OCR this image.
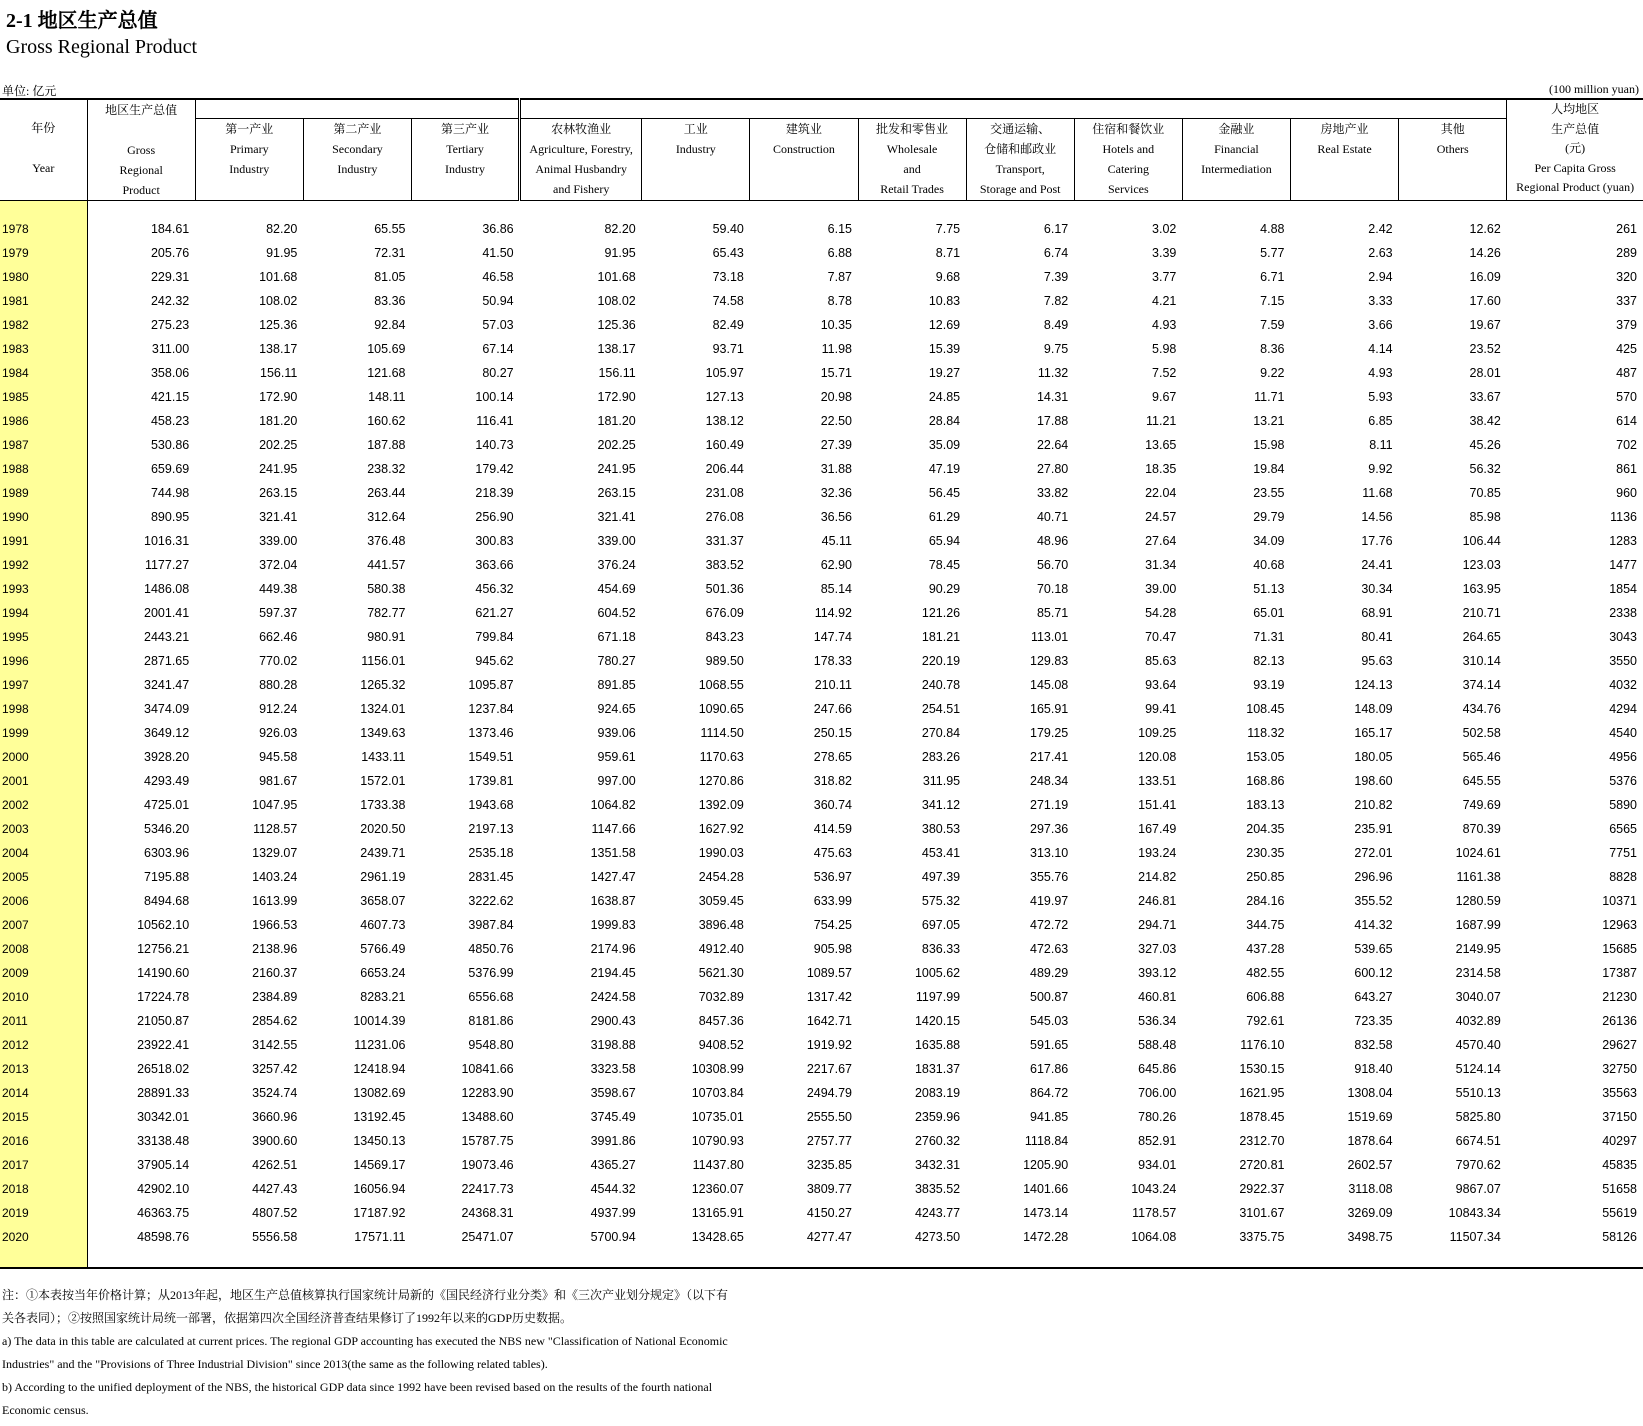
2-1 地区生产总值
Gross Regional Product
单位: 亿元	(100 million yuan)
年份

Year	地区生产总值

Gross
Regional
Product													人均地区
生产总值
(元)
Per Capita Gross
Regional Product (yuan)

		第一产业
Primary
Industry	第二产业
Secondary
Industry	第三产业
Tertiary
Industry	农林牧渔业
Agriculture, Forestry,
Animal Husbandry
and Fishery	工业
Industry	建筑业
Construction	批发和零售业
Wholesale
and
Retail Trades	交通运输、
仓储和邮政业
Transport,
Storage and Post	住宿和餐饮业
Hotels and
Catering
Services	金融业
Financial
Intermediation	房地产业
Real Estate	其他
Others	

1978	184.61	82.20	65.55	36.86	82.20	59.40	6.15	7.75	6.17	3.02	4.88	2.42	12.62	261
1979	205.76	91.95	72.31	41.50	91.95	65.43	6.88	8.71	6.74	3.39	5.77	2.63	14.26	289
1980	229.31	101.68	81.05	46.58	101.68	73.18	7.87	9.68	7.39	3.77	6.71	2.94	16.09	320
1981	242.32	108.02	83.36	50.94	108.02	74.58	8.78	10.83	7.82	4.21	7.15	3.33	17.60	337
1982	275.23	125.36	92.84	57.03	125.36	82.49	10.35	12.69	8.49	4.93	7.59	3.66	19.67	379
1983	311.00	138.17	105.69	67.14	138.17	93.71	11.98	15.39	9.75	5.98	8.36	4.14	23.52	425
1984	358.06	156.11	121.68	80.27	156.11	105.97	15.71	19.27	11.32	7.52	9.22	4.93	28.01	487
1985	421.15	172.90	148.11	100.14	172.90	127.13	20.98	24.85	14.31	9.67	11.71	5.93	33.67	570
1986	458.23	181.20	160.62	116.41	181.20	138.12	22.50	28.84	17.88	11.21	13.21	6.85	38.42	614
1987	530.86	202.25	187.88	140.73	202.25	160.49	27.39	35.09	22.64	13.65	15.98	8.11	45.26	702
1988	659.69	241.95	238.32	179.42	241.95	206.44	31.88	47.19	27.80	18.35	19.84	9.92	56.32	861
1989	744.98	263.15	263.44	218.39	263.15	231.08	32.36	56.45	33.82	22.04	23.55	11.68	70.85	960
1990	890.95	321.41	312.64	256.90	321.41	276.08	36.56	61.29	40.71	24.57	29.79	14.56	85.98	1136
1991	1016.31	339.00	376.48	300.83	339.00	331.37	45.11	65.94	48.96	27.64	34.09	17.76	106.44	1283
1992	1177.27	372.04	441.57	363.66	376.24	383.52	62.90	78.45	56.70	31.34	40.68	24.41	123.03	1477
1993	1486.08	449.38	580.38	456.32	454.69	501.36	85.14	90.29	70.18	39.00	51.13	30.34	163.95	1854
1994	2001.41	597.37	782.77	621.27	604.52	676.09	114.92	121.26	85.71	54.28	65.01	68.91	210.71	2338
1995	2443.21	662.46	980.91	799.84	671.18	843.23	147.74	181.21	113.01	70.47	71.31	80.41	264.65	3043
1996	2871.65	770.02	1156.01	945.62	780.27	989.50	178.33	220.19	129.83	85.63	82.13	95.63	310.14	3550
1997	3241.47	880.28	1265.32	1095.87	891.85	1068.55	210.11	240.78	145.08	93.64	93.19	124.13	374.14	4032
1998	3474.09	912.24	1324.01	1237.84	924.65	1090.65	247.66	254.51	165.91	99.41	108.45	148.09	434.76	4294
1999	3649.12	926.03	1349.63	1373.46	939.06	1114.50	250.15	270.84	179.25	109.25	118.32	165.17	502.58	4540
2000	3928.20	945.58	1433.11	1549.51	959.61	1170.63	278.65	283.26	217.41	120.08	153.05	180.05	565.46	4956
2001	4293.49	981.67	1572.01	1739.81	997.00	1270.86	318.82	311.95	248.34	133.51	168.86	198.60	645.55	5376
2002	4725.01	1047.95	1733.38	1943.68	1064.82	1392.09	360.74	341.12	271.19	151.41	183.13	210.82	749.69	5890
2003	5346.20	1128.57	2020.50	2197.13	1147.66	1627.92	414.59	380.53	297.36	167.49	204.35	235.91	870.39	6565
2004	6303.96	1329.07	2439.71	2535.18	1351.58	1990.03	475.63	453.41	313.10	193.24	230.35	272.01	1024.61	7751
2005	7195.88	1403.24	2961.19	2831.45	1427.47	2454.28	536.97	497.39	355.76	214.82	250.85	296.96	1161.38	8828
2006	8494.68	1613.99	3658.07	3222.62	1638.87	3059.45	633.99	575.32	419.97	246.81	284.16	355.52	1280.59	10371
2007	10562.10	1966.53	4607.73	3987.84	1999.83	3896.48	754.25	697.05	472.72	294.71	344.75	414.32	1687.99	12963
2008	12756.21	2138.96	5766.49	4850.76	2174.96	4912.40	905.98	836.33	472.63	327.03	437.28	539.65	2149.95	15685
2009	14190.60	2160.37	6653.24	5376.99	2194.45	5621.30	1089.57	1005.62	489.29	393.12	482.55	600.12	2314.58	17387
2010	17224.78	2384.89	8283.21	6556.68	2424.58	7032.89	1317.42	1197.99	500.87	460.81	606.88	643.27	3040.07	21230
2011	21050.87	2854.62	10014.39	8181.86	2900.43	8457.36	1642.71	1420.15	545.03	536.34	792.61	723.35	4032.89	26136
2012	23922.41	3142.55	11231.06	9548.80	3198.88	9408.52	1919.92	1635.88	591.65	588.48	1176.10	832.58	4570.40	29627
2013	26518.02	3257.42	12418.94	10841.66	3323.58	10308.99	2217.67	1831.37	617.86	645.86	1530.15	918.40	5124.14	32750
2014	28891.33	3524.74	13082.69	12283.90	3598.67	10703.84	2494.79	2083.19	864.72	706.00	1621.95	1308.04	5510.13	35563
2015	30342.01	3660.96	13192.45	13488.60	3745.49	10735.01	2555.50	2359.96	941.85	780.26	1878.45	1519.69	5825.80	37150
2016	33138.48	3900.60	13450.13	15787.75	3991.86	10790.93	2757.77	2760.32	1118.84	852.91	2312.70	1878.64	6674.51	40297
2017	37905.14	4262.51	14569.17	19073.46	4365.27	11437.80	3235.85	3432.31	1205.90	934.01	2720.81	2602.57	7970.62	45835
2018	42902.10	4427.43	16056.94	22417.73	4544.32	12360.07	3809.77	3835.52	1401.66	1043.24	2922.37	3118.08	9867.07	51658
2019	46363.75	4807.52	17187.92	24368.31	4937.99	13165.91	4150.27	4243.77	1473.14	1178.57	3101.67	3269.09	10843.34	55619
2020	48598.76	5556.58	17571.11	25471.07	5700.94	13428.65	4277.47	4273.50	1472.28	1064.08	3375.75	3498.75	11507.34	58126

注：①本表按当年价格计算；从2013年起，地区生产总值核算执行国家统计局新的《国民经济行业分类》和《三次产业划分规定》（以下有
关各表同）；②按照国家统计局统一部署，依据第四次全国经济普查结果修订了1992年以来的GDP历史数据。
a) The data in this table are calculated at current prices. The regional GDP accounting has executed the NBS new "Classification of National Economic
Industries" and the "Provisions of Three Industrial Division" since 2013(the same as the following related tables).
b) According to the unified deployment of the NBS, the historical GDP data since 1992 have been revised based on the results of the fourth national
Economic census.
